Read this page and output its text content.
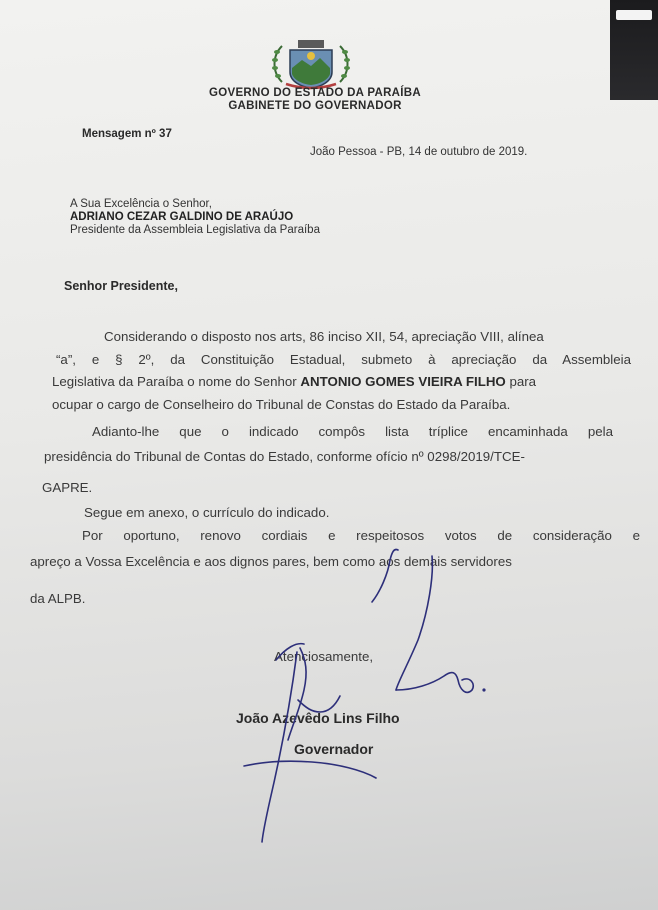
GOVERNO DO ESTADO DA PARAÍBA
GABINETE DO GOVERNADOR
Mensagem nº 37
João Pessoa - PB, 14 de outubro de 2019.
A Sua Excelência o Senhor,
ADRIANO CEZAR GALDINO DE ARAÚJO
Presidente da Assembleia Legislativa da Paraíba
Senhor Presidente,
Considerando o disposto nos arts, 86 inciso XII, 54, apreciação VIII, alínea
“a”, e § 2º, da Constituição Estadual, submeto à apreciação da Assembleia
Legislativa da Paraíba o nome do Senhor ANTONIO GOMES VIEIRA FILHO para
ocupar o cargo de Conselheiro do Tribunal de Constas do Estado da Paraíba.
Adianto-lhe que o indicado compôs lista tríplice encaminhada pela
presidência do Tribunal de Contas do Estado, conforme ofício nº 0298/2019/TCE-
GAPRE.
Segue em anexo, o currículo do indicado.
Por oportuno, renovo cordiais e respeitosos votos de consideração e
apreço a Vossa Excelência e aos dignos pares, bem como aos demais servidores
da ALPB.
Atenciosamente,
João Azevêdo Lins Filho
Governador
